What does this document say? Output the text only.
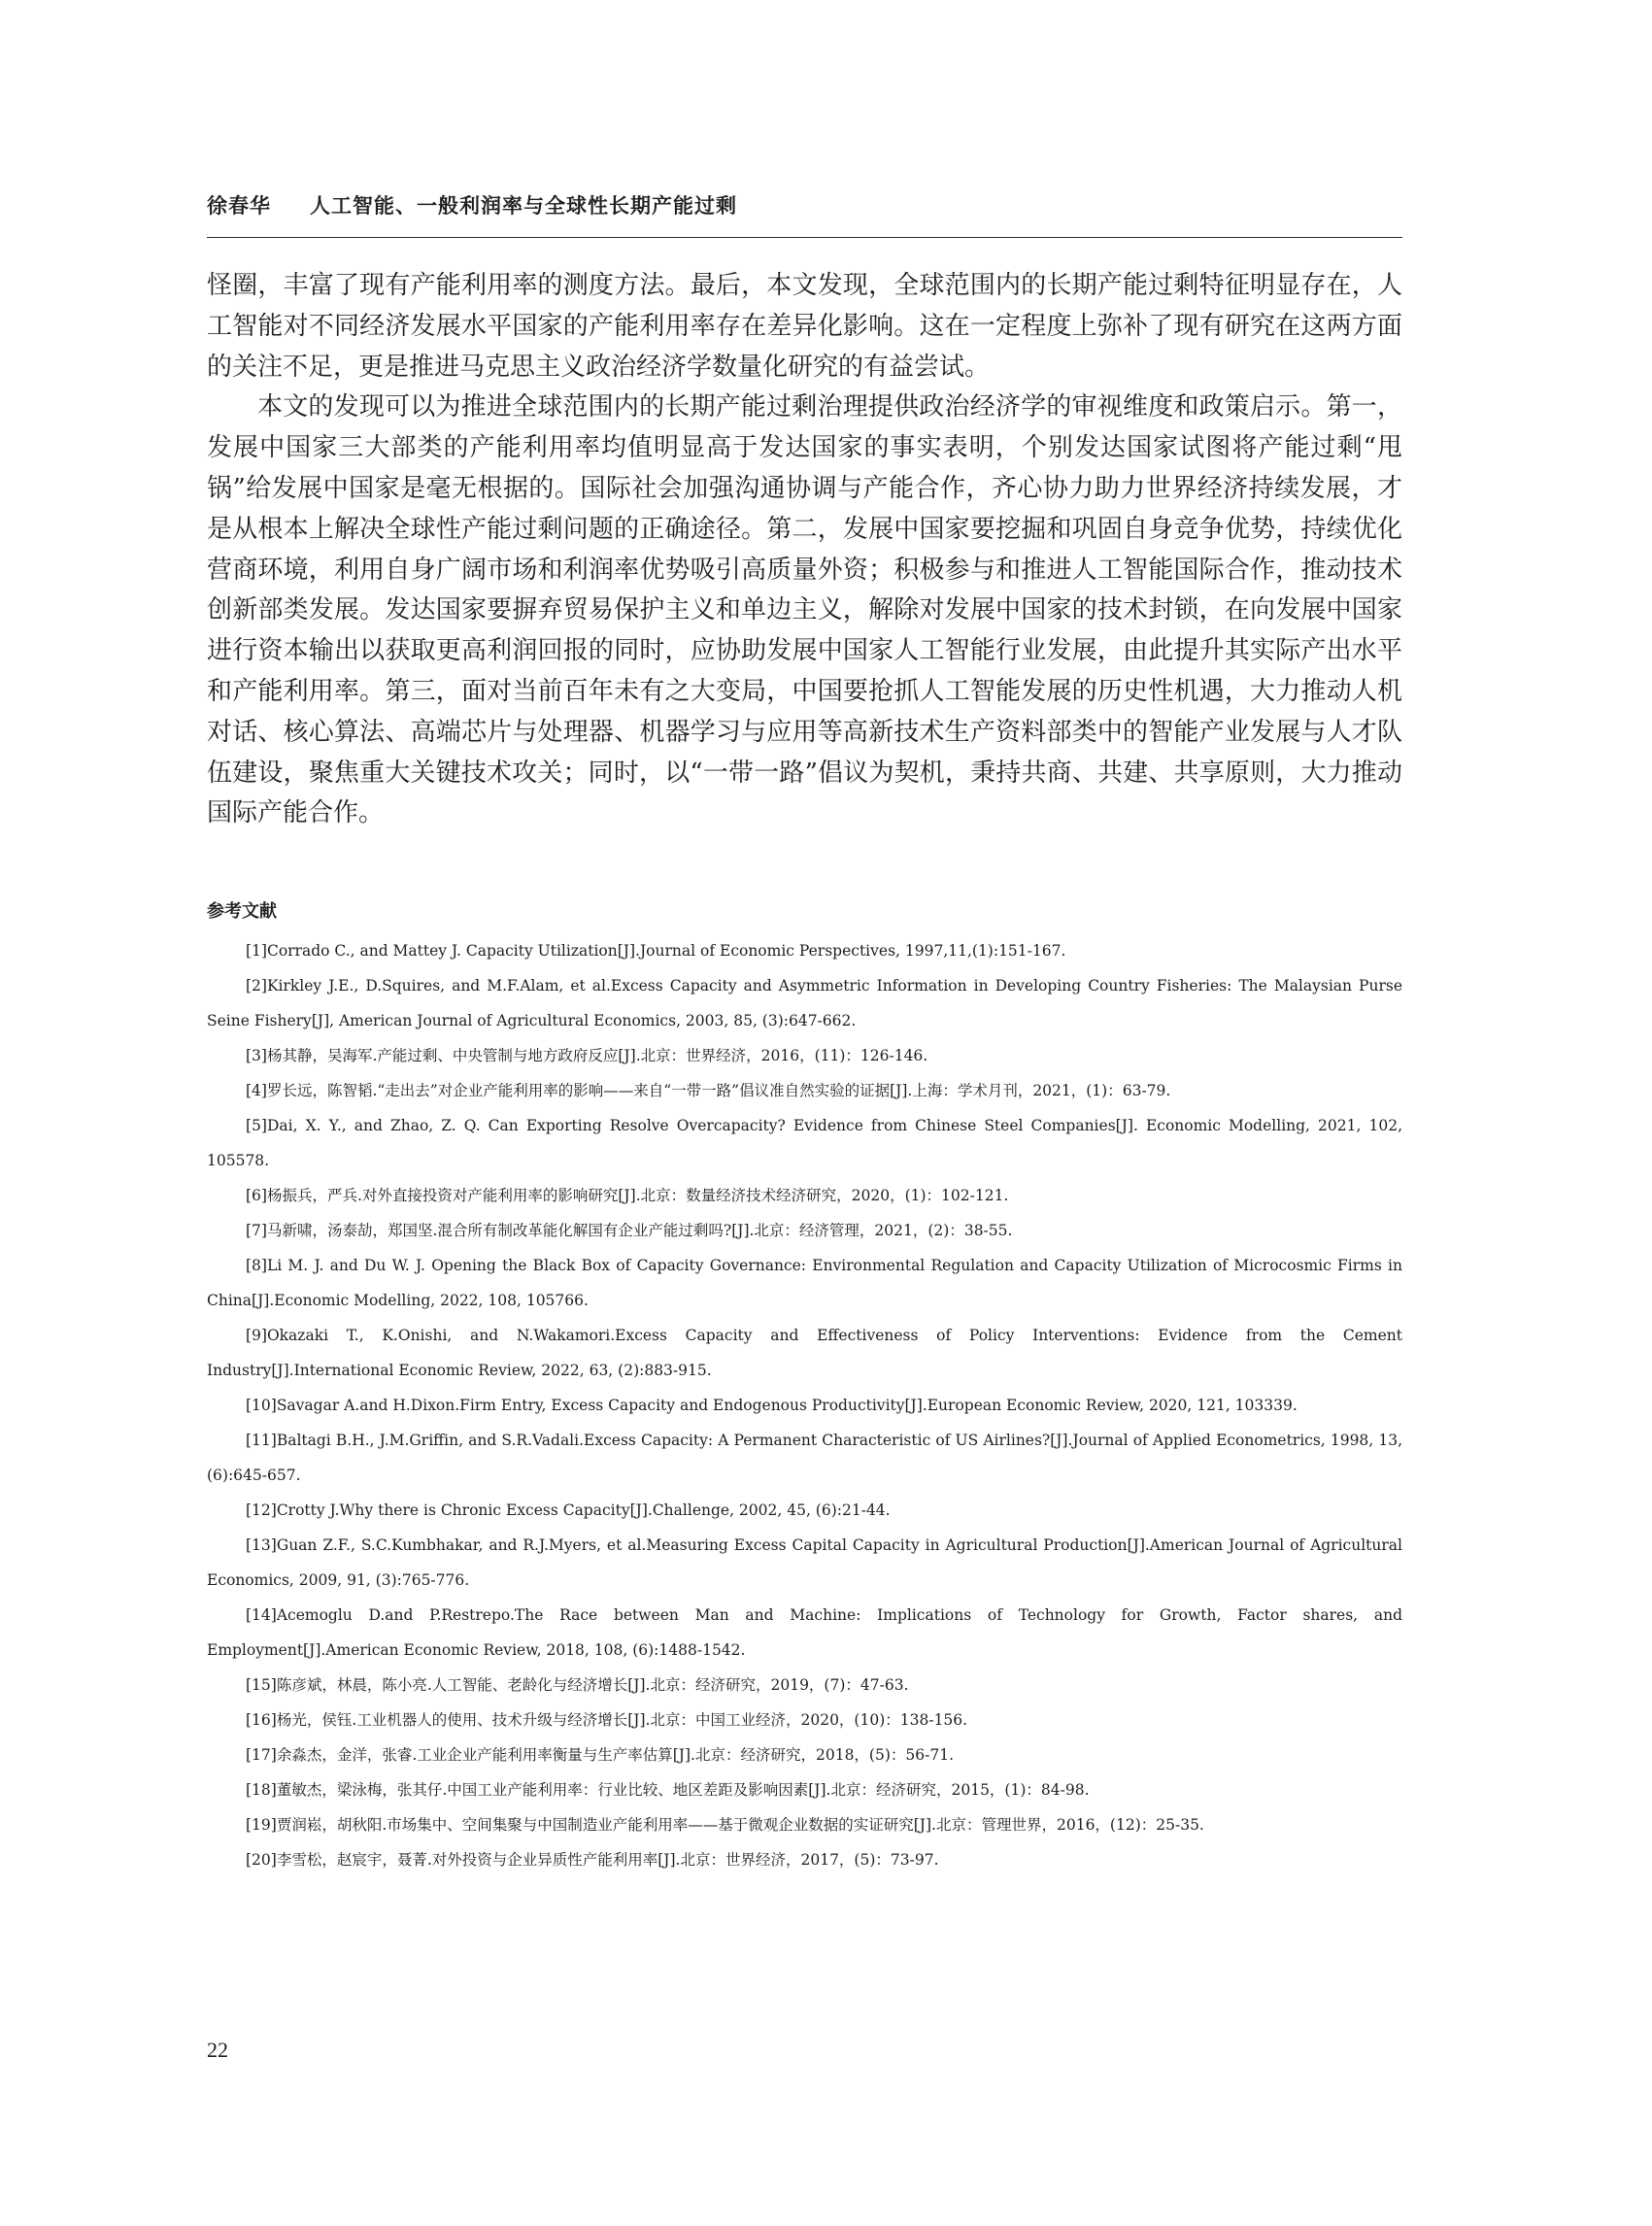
徐春华 人工智能、一般利润率与全球性长期产能过剩

怪圈，丰富了现有产能利用率的测度方法。最后，本文发现，全球范围内的长期产能过剩特征明显存在，人工智能对不同经济发展水平国家的产能利用率存在差异化影响。这在一定程度上弥补了现有研究在这两方面的关注不足，更是推进马克思主义政治经济学数量化研究的有益尝试。

本文的发现可以为推进全球范围内的长期产能过剩治理提供政治经济学的审视维度和政策启示。第一，发展中国家三大部类的产能利用率均值明显高于发达国家的事实表明，个别发达国家试图将产能过剩“甩锅”给发展中国家是毫无根据的。国际社会加强沟通协调与产能合作，齐心协力助力世界经济持续发展，才是从根本上解决全球性产能过剩问题的正确途径。第二，发展中国家要挖掘和巩固自身竞争优势，持续优化营商环境，利用自身广阔市场和利润率优势吸引高质量外资；积极参与和推进人工智能国际合作，推动技术创新部类发展。发达国家要摒弃贸易保护主义和单边主义，解除对发展中国家的技术封锁，在向发展中国家进行资本输出以获取更高利润回报的同时，应协助发展中国家人工智能行业发展，由此提升其实际产出水平和产能利用率。第三，面对当前百年未有之大变局，中国要抢抓人工智能发展的历史性机遇，大力推动人机对话、核心算法、高端芯片与处理器、机器学习与应用等高新技术生产资料部类中的智能产业发展与人才队伍建设，聚焦重大关键技术攻关；同时，以“一带一路”倡议为契机，秉持共商、共建、共享原则，大力推动国际产能合作。

参考文献

[1]Corrado C., and Mattey J. Capacity Utilization[J].Journal of Economic Perspectives, 1997,11,(1):151-167.

[2]Kirkley J.E., D.Squires, and M.F.Alam, et al.Excess Capacity and Asymmetric Information in Developing Country Fisheries: The Malaysian Purse Seine Fishery[J], American Journal of Agricultural Economics, 2003, 85, (3):647-662.

[3]杨其静，吴海军.产能过剩、中央管制与地方政府反应[J].北京：世界经济，2016，(11)：126-146.

[4]罗长远，陈智韬.“走出去”对企业产能利用率的影响——来自“一带一路”倡议准自然实验的证据[J].上海：学术月刊，2021，(1)：63-79.

[5]Dai, X. Y., and Zhao, Z. Q. Can Exporting Resolve Overcapacity? Evidence from Chinese Steel Companies[J]. Economic Modelling, 2021, 102, 105578.

[6]杨振兵，严兵.对外直接投资对产能利用率的影响研究[J].北京：数量经济技术经济研究，2020，(1)：102-121.

[7]马新啸，汤泰劼，郑国坚.混合所有制改革能化解国有企业产能过剩吗?[J].北京：经济管理，2021，(2)：38-55.

[8]Li M. J. and Du W. J. Opening the Black Box of Capacity Governance: Environmental Regulation and Capacity Utilization of Microcosmic Firms in China[J].Economic Modelling, 2022, 108, 105766.

[9]Okazaki T., K.Onishi, and N.Wakamori.Excess Capacity and Effectiveness of Policy Interventions: Evidence from the Cement Industry[J].International Economic Review, 2022, 63, (2):883-915.

[10]Savagar A.and H.Dixon.Firm Entry, Excess Capacity and Endogenous Productivity[J].European Economic Review, 2020, 121, 103339.

[11]Baltagi B.H., J.M.Griffin, and S.R.Vadali.Excess Capacity: A Permanent Characteristic of US Airlines?[J].Journal of Applied Econometrics, 1998, 13, (6):645-657.

[12]Crotty J.Why there is Chronic Excess Capacity[J].Challenge, 2002, 45, (6):21-44.

[13]Guan Z.F., S.C.Kumbhakar, and R.J.Myers, et al.Measuring Excess Capital Capacity in Agricultural Production[J].American Journal of Agricultural Economics, 2009, 91, (3):765-776.

[14]Acemoglu D.and P.Restrepo.The Race between Man and Machine: Implications of Technology for Growth, Factor shares, and Employment[J].American Economic Review, 2018, 108, (6):1488-1542.

[15]陈彦斌，林晨，陈小亮.人工智能、老龄化与经济增长[J].北京：经济研究，2019，(7)：47-63.

[16]杨光，侯钰.工业机器人的使用、技术升级与经济增长[J].北京：中国工业经济，2020，(10)：138-156.

[17]余淼杰，金洋，张睿.工业企业产能利用率衡量与生产率估算[J].北京：经济研究，2018，(5)：56-71.

[18]董敏杰，梁泳梅，张其仔.中国工业产能利用率：行业比较、地区差距及影响因素[J].北京：经济研究，2015，(1)：84-98.

[19]贾润崧，胡秋阳.市场集中、空间集聚与中国制造业产能利用率——基于微观企业数据的实证研究[J].北京：管理世界，2016，(12)：25-35.

[20]李雪松，赵宸宇，聂菁.对外投资与企业异质性产能利用率[J].北京：世界经济，2017，(5)：73-97.

22
